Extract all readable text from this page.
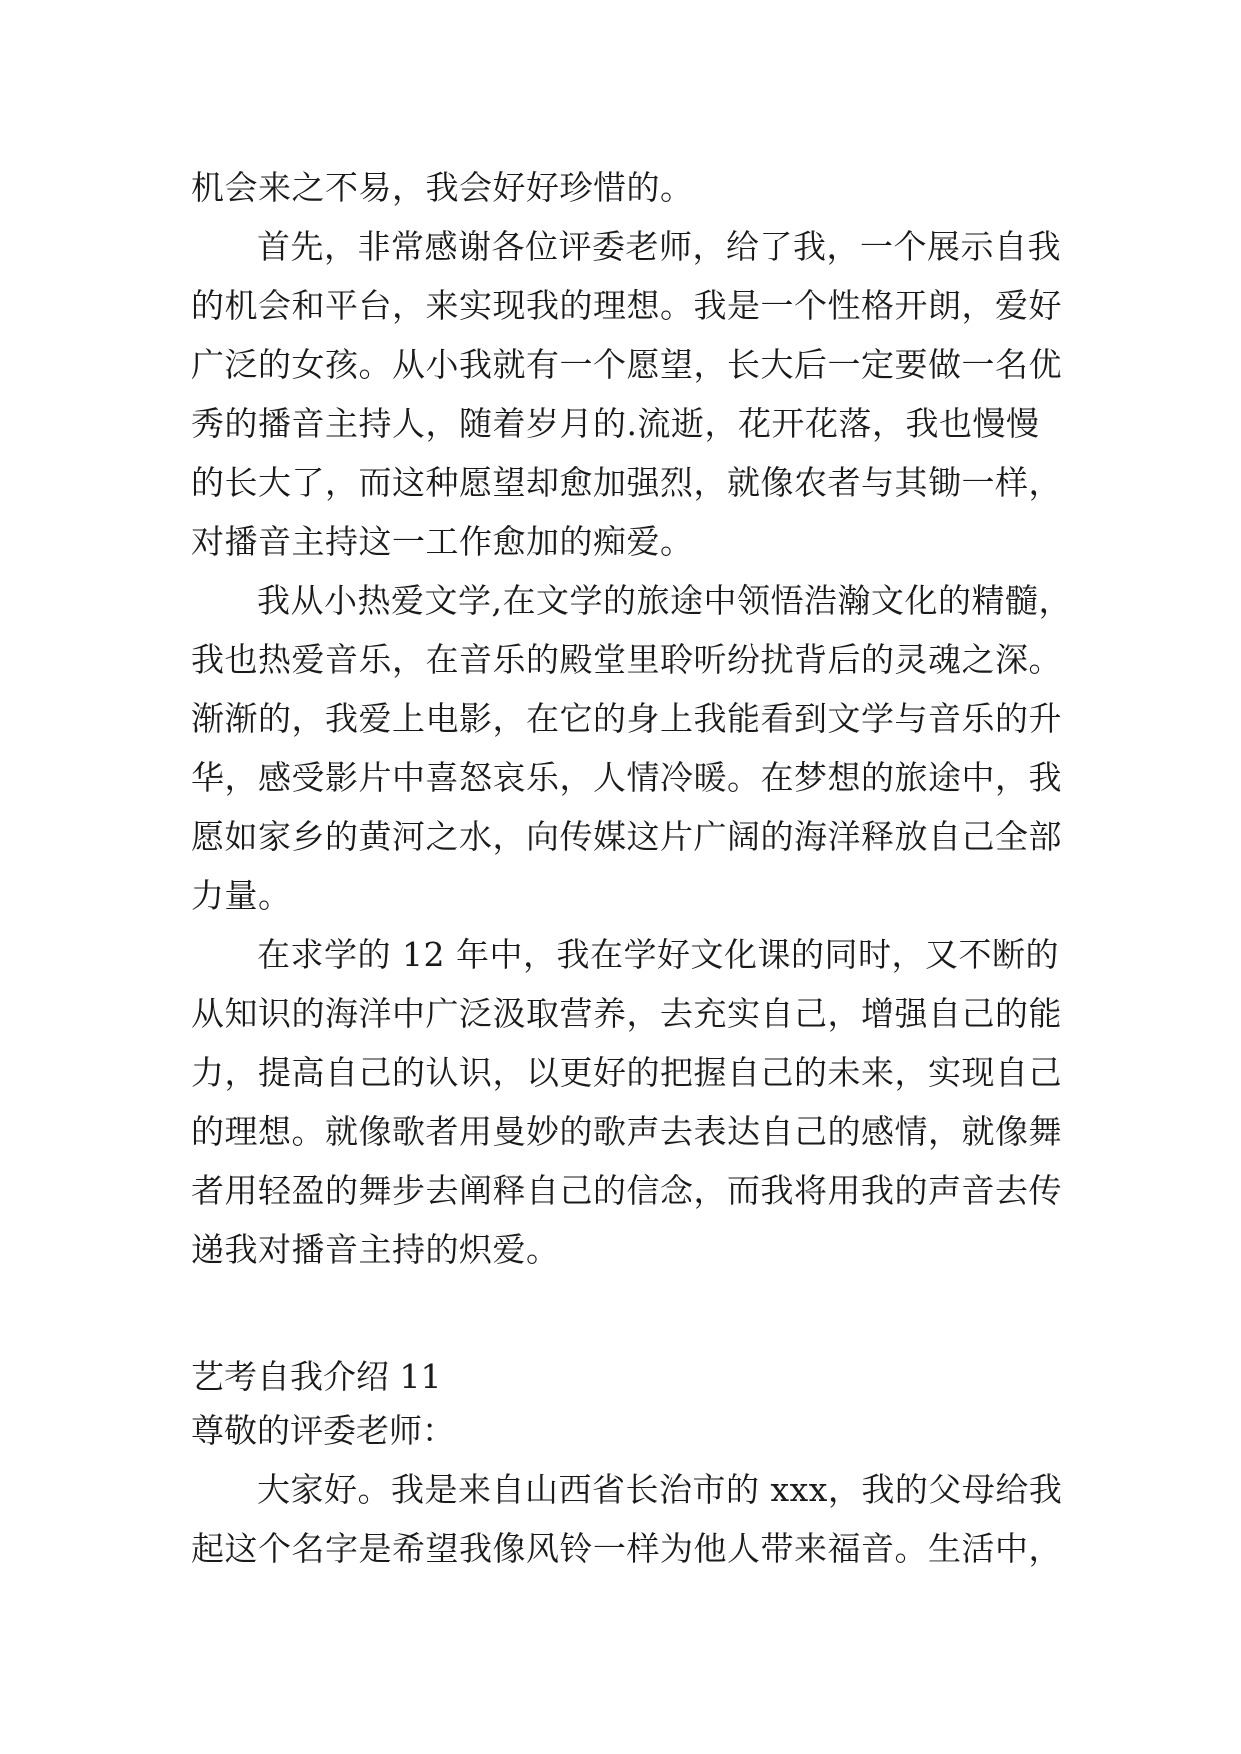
机会来之不易，我会好好珍惜的。
首先，非常感谢各位评委老师，给了我，一个展示自我
的机会和平台，来实现我的理想。我是一个性格开朗，爱好
广泛的女孩。从小我就有一个愿望，长大后一定要做一名优
秀的播音主持人，随着岁月的.流逝，花开花落，我也慢慢
的长大了，而这种愿望却愈加强烈，就像农者与其锄一样，
对播音主持这一工作愈加的痴爱。
我从小热爱文学,在文学的旅途中领悟浩瀚文化的精髓，
我也热爱音乐，在音乐的殿堂里聆听纷扰背后的灵魂之深。
渐渐的，我爱上电影，在它的身上我能看到文学与音乐的升
华，感受影片中喜怒哀乐，人情冷暖。在梦想的旅途中，我
愿如家乡的黄河之水，向传媒这片广阔的海洋释放自己全部
力量。
在求学的 12 年中，我在学好文化课的同时，又不断的
从知识的海洋中广泛汲取营养，去充实自己，增强自己的能
力，提高自己的认识，以更好的把握自己的未来，实现自己
的理想。就像歌者用曼妙的歌声去表达自己的感情，就像舞
者用轻盈的舞步去阐释自己的信念，而我将用我的声音去传
递我对播音主持的炽爱。
艺考自我介绍 11
尊敬的评委老师：
大家好。我是来自山西省长治市的 xxx，我的父母给我
起这个名字是希望我像风铃一样为他人带来福音。生活中，
